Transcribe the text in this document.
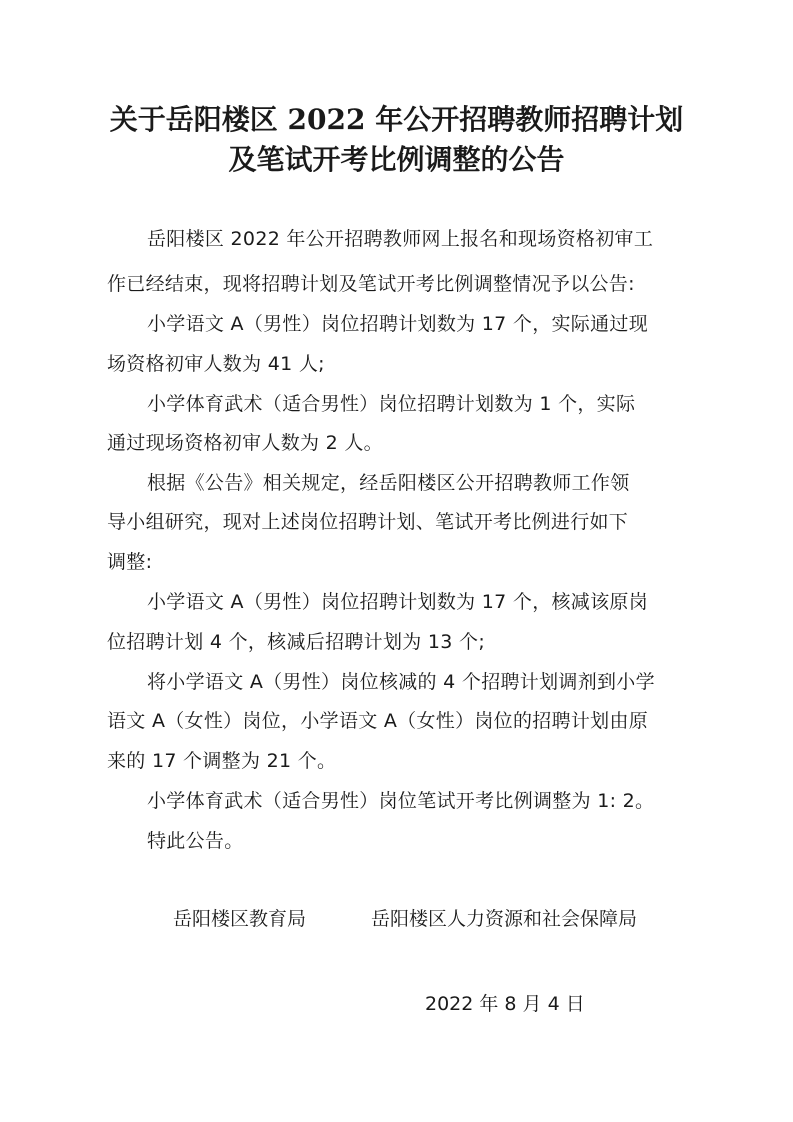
关于岳阳楼区 2022 年公开招聘教师招聘计划
及笔试开考比例调整的公告
岳阳楼区 2022 年公开招聘教师网上报名和现场资格初审工
作已经结束，现将招聘计划及笔试开考比例调整情况予以公告:
小学语文 A（男性）岗位招聘计划数为 17 个，实际通过现
场资格初审人数为 41 人;
小学体育武术（适合男性）岗位招聘计划数为 1 个，实际
通过现场资格初审人数为 2 人。
根据《公告》相关规定，经岳阳楼区公开招聘教师工作领
导小组研究，现对上述岗位招聘计划、笔试开考比例进行如下
调整:
小学语文 A（男性）岗位招聘计划数为 17 个，核减该原岗
位招聘计划 4 个，核减后招聘计划为 13 个;
将小学语文 A（男性）岗位核减的 4 个招聘计划调剂到小学
语文 A（女性）岗位，小学语文 A（女性）岗位的招聘计划由原
来的 17 个调整为 21 个。
小学体育武术（适合男性）岗位笔试开考比例调整为 1: 2。
特此公告。
岳阳楼区教育局	岳阳楼区人力资源和社会保障局
2022 年 8 月 4 日
